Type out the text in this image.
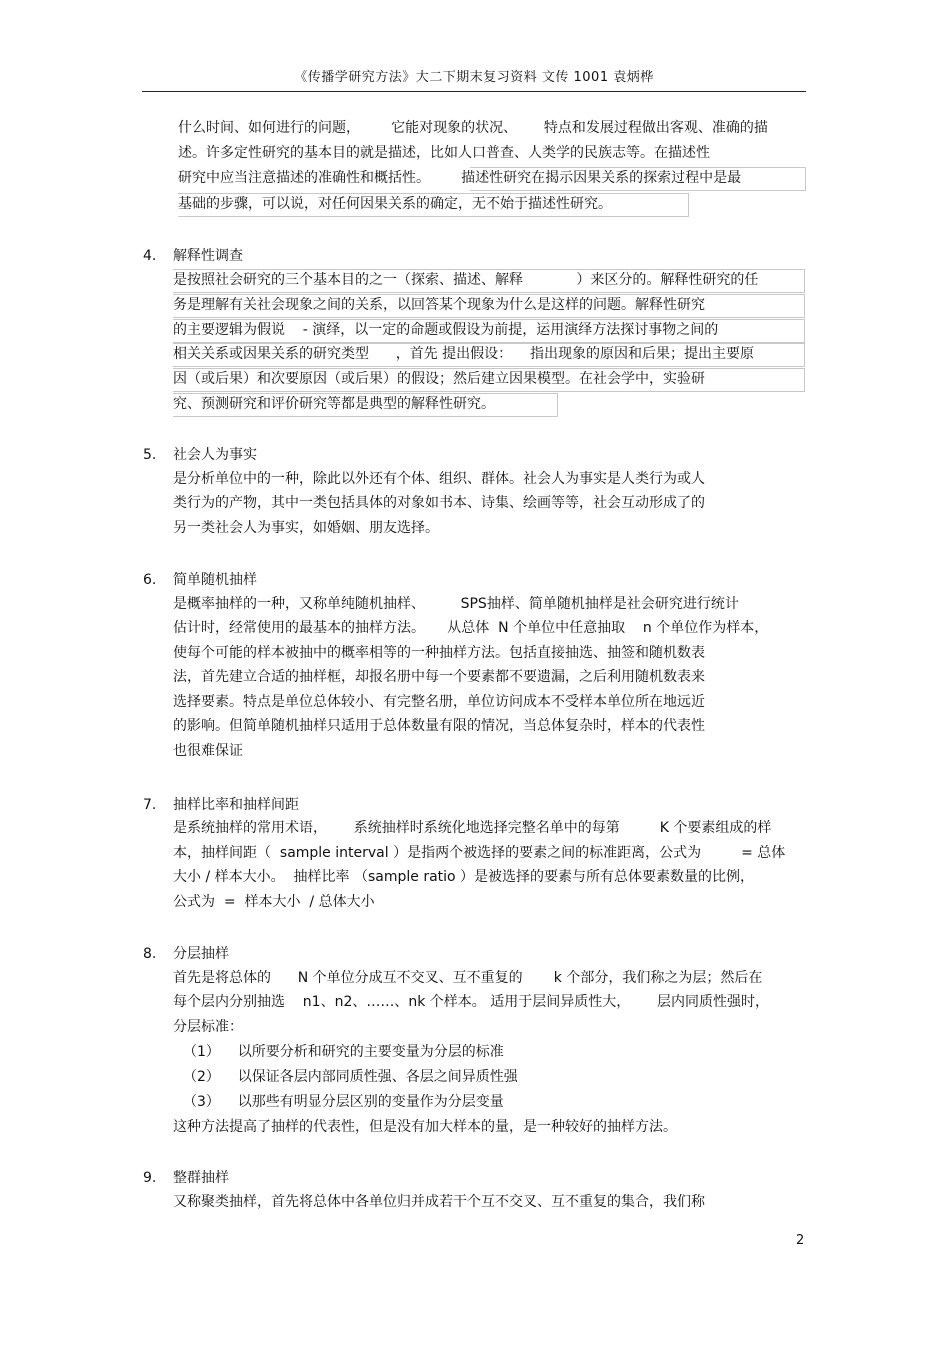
《传播学研究方法》大二下期末复习资料 文传 1001 袁炳桦
什么时间、如何进行的问题，       它能对现象的状况、      特点和发展过程做出客观、准确的描
述。许多定性研究的基本目的就是描述，比如人口普查、人类学的民族志等。在描述性
研究中应当注意描述的准确性和概括性。       描述性研究在揭示因果关系的探索过程中是最
基础的步骤，可以说，对任何因果关系的确定，无不始于描述性研究。
4. 解释性调查
是按照社会研究的三个基本目的之一（探索、描述、解释            ）来区分的。解释性研究的任
务是理解有关社会现象之间的关系，以回答某个现象为什么是这样的问题。解释性研究
的主要逻辑为假说    - 演绎，以一定的命题或假设为前提，运用演绎方法探讨事物之间的
相关关系或因果关系的研究类型      ，首先 提出假设：    指出现象的原因和后果；提出主要原
因（或后果）和次要原因（或后果）的假设；然后建立因果模型。在社会学中，实验研
究、预测研究和评价研究等都是典型的解释性研究。
5. 社会人为事实
是分析单位中的一种，除此以外还有个体、组织、群体。社会人为事实是人类行为或人
类行为的产物，其中一类包括具体的对象如书本、诗集、绘画等等，社会互动形成了的
另一类社会人为事实，如婚姻、朋友选择。
6. 简单随机抽样
是概率抽样的一种，又称单纯随机抽样、        SPS抽样、简单随机抽样是社会研究进行统计
估计时，经常使用的最基本的抽样方法。     从总体  N 个单位中任意抽取    n 个单位作为样本，
使每个可能的样本被抽中的概率相等的一种抽样方法。包括直接抽选、抽签和随机数表
法，首先建立合适的抽样框，却报名册中每一个要素都不要遗漏，之后利用随机数表来
选择要素。特点是单位总体较小、有完整名册，单位访问成本不受样本单位所在地远近
的影响。但简单随机抽样只适用于总体数量有限的情况，当总体复杂时，样本的代表性
也很难保证
7. 抽样比率和抽样间距
是系统抽样的常用术语，      系统抽样时系统化地选择完整名单中的每第         K 个要素组成的样
本，抽样间距（  sample interval ）是指两个被选择的要素之间的标准距离，公式为         = 总体
大小 / 样本大小。  抽样比率 （sample ratio ）是被选择的要素与所有总体要素数量的比例，
公式为  =  样本大小  / 总体大小
8. 分层抽样
首先是将总体的      N 个单位分成互不交叉、互不重复的       k 个部分，我们称之为层；然后在
每个层内分别抽选    n1、n2、……、nk 个样本。 适用于层间异质性大，      层内同质性强时，
分层标准：
（1）    以所要分析和研究的主要变量为分层的标准
（2）    以保证各层内部同质性强、各层之间异质性强
（3）    以那些有明显分层区别的变量作为分层变量
这种方法提高了抽样的代表性，但是没有加大样本的量，是一种较好的抽样方法。
9. 整群抽样
又称聚类抽样，首先将总体中各单位归并成若干个互不交叉、互不重复的集合，我们称
2
